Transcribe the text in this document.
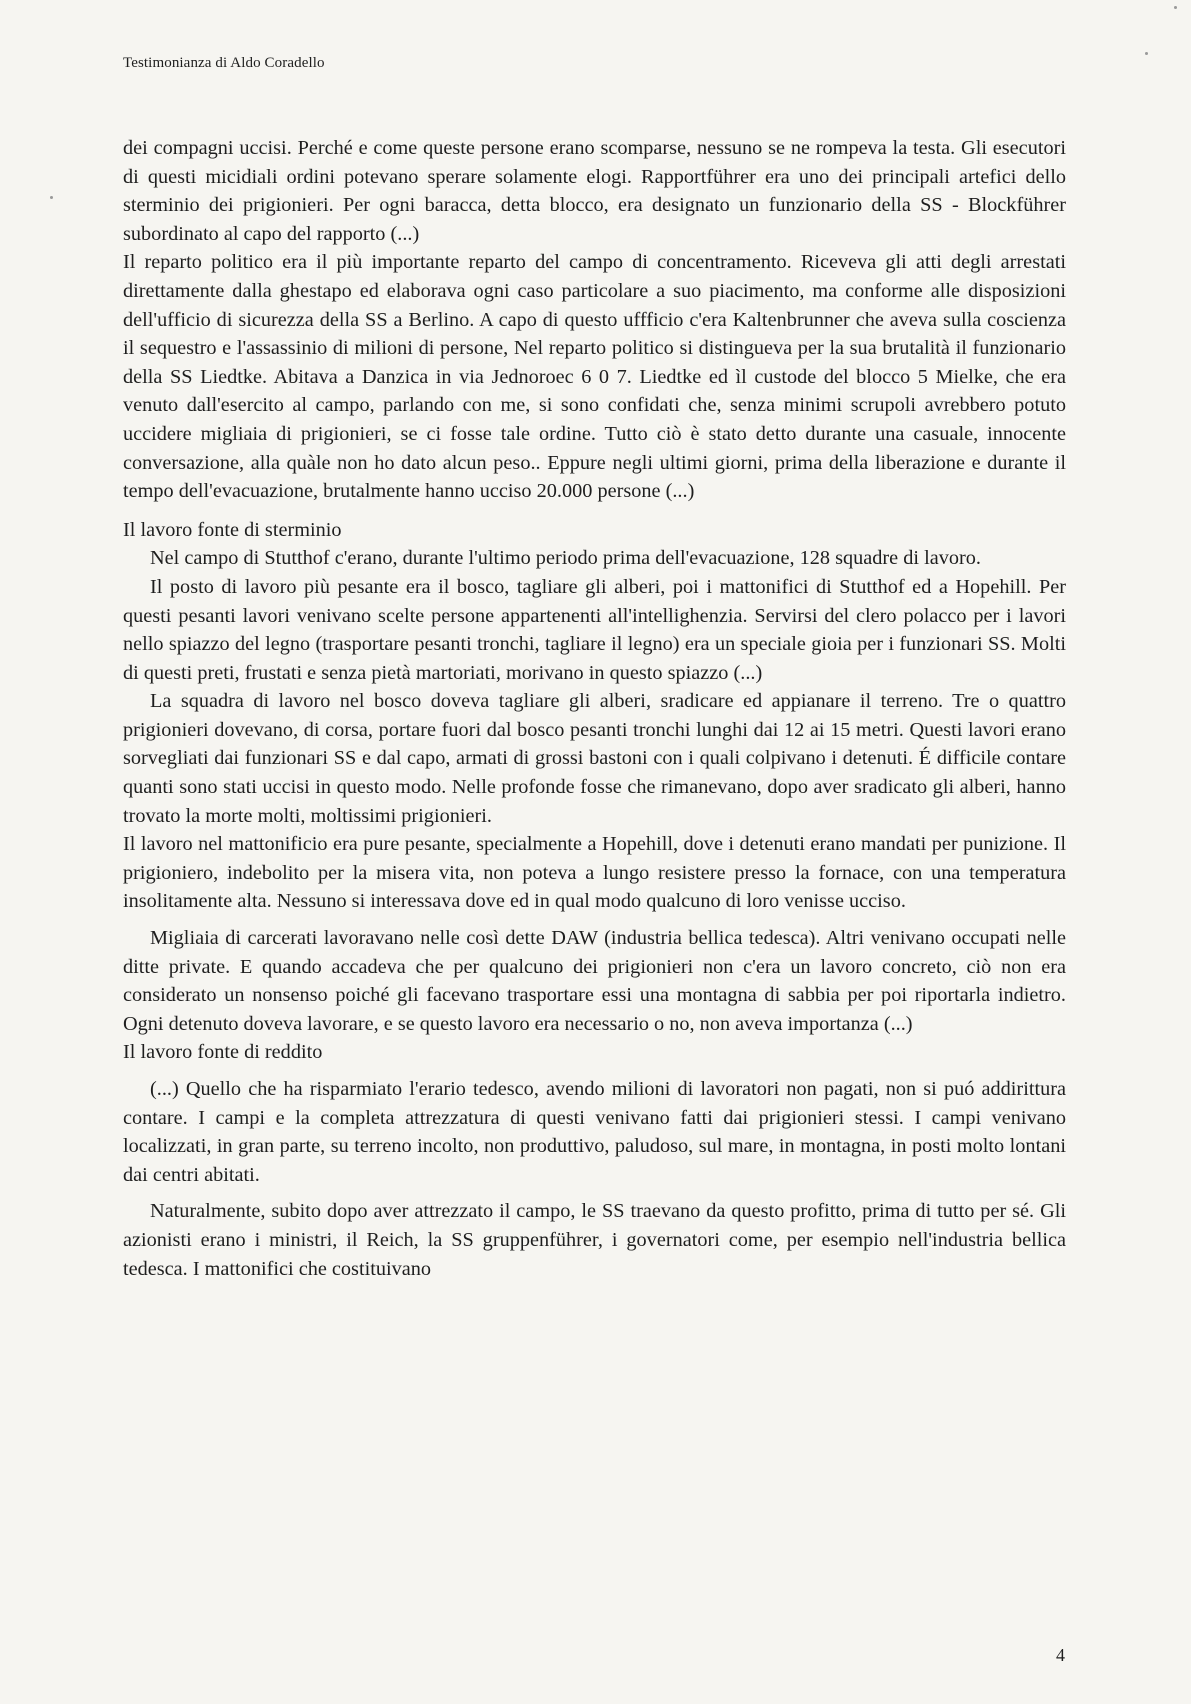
Testimonianza di Aldo Coradello

dei compagni uccisi. Perché e come queste persone erano scomparse, nessuno se ne rompeva la testa. Gli esecutori di questi micidiali ordini potevano sperare solamente elogi. Rapportführer era uno dei principali artefici dello sterminio dei prigionieri. Per ogni baracca, detta blocco, era designato un funzionario della SS - Blockführer subordinato al capo del rapporto (...)

Il reparto politico era il più importante reparto del campo di concentramento. Riceveva gli atti degli arrestati direttamente dalla ghestapo ed elaborava ogni caso particolare a suo piacimento, ma conforme alle disposizioni dell'ufficio di sicurezza della SS a Berlino. A capo di questo uffficio c'era Kaltenbrunner che aveva sulla coscienza il sequestro e l'assassinio di milioni di persone, Nel reparto politico si distingueva per la sua brutalità il funzionario della SS Liedtke. Abitava a Danzica in via Jednoroec 6 0 7. Liedtke ed ìl custode del blocco 5 Mielke, che era venuto dall'esercito al campo, parlando con me, si sono confidati che, senza minimi scrupoli avrebbero potuto uccidere migliaia di prigionieri, se ci fosse tale ordine. Tutto ciò è stato detto durante una casuale, innocente conversazione, alla quàle non ho dato alcun peso.. Eppure negli ultimi giorni, prima della liberazione e durante il tempo dell'evacuazione, brutalmente hanno ucciso 20.000 persone (...)

Il lavoro fonte di sterminio

Nel campo di Stutthof c'erano, durante l'ultimo periodo prima dell'evacuazione, 128 squadre di lavoro.

Il posto di lavoro più pesante era il bosco, tagliare gli alberi, poi i mattonifici di Stutthof ed a Hopehill. Per questi pesanti lavori venivano scelte persone appartenenti all'intellighenzia. Servirsi del clero polacco per i lavori nello spiazzo del legno (trasportare pesanti tronchi, tagliare il legno) era un speciale gioia per i funzionari SS. Molti di questi preti, frustati e senza pietà martoriati, morivano in questo spiazzo (...)

La squadra di lavoro nel bosco doveva tagliare gli alberi, sradicare ed appianare il terreno. Tre o quattro prigionieri dovevano, di corsa, portare fuori dal bosco pesanti tronchi lunghi dai 12 ai 15 metri. Questi lavori erano sorvegliati dai funzionari SS e dal capo, armati di grossi bastoni con i quali colpivano i detenuti. É difficile contare quanti sono stati uccisi in questo modo. Nelle profonde fosse che rimanevano, dopo aver sradicato gli alberi, hanno trovato la morte molti, moltissimi prigionieri.

Il lavoro nel mattonificio era pure pesante, specialmente a Hopehill, dove i detenuti erano mandati per punizione. Il prigioniero, indebolito per la misera vita, non poteva a lungo resistere presso la fornace, con una temperatura insolitamente alta. Nessuno si interessava dove ed in qual modo qualcuno di loro venisse ucciso.

Migliaia di carcerati lavoravano nelle così dette DAW (industria bellica tedesca). Altri venivano occupati nelle ditte private. E quando accadeva che per qualcuno dei prigionieri non c'era un lavoro concreto, ciò non era considerato un nonsenso poiché gli facevano trasportare essi una montagna di sabbia per poi riportarla indietro. Ogni detenuto doveva lavorare, e se questo lavoro era necessario o no, non aveva importanza (...)

Il lavoro fonte di reddito

(...) Quello che ha risparmiato l'erario tedesco, avendo milioni di lavoratori non pagati, non si puó addirittura contare. I campi e la completa attrezzatura di questi venivano fatti dai prigionieri stessi. I campi venivano localizzati, in gran parte, su terreno incolto, non produttivo, paludoso, sul mare, in montagna, in posti molto lontani dai centri abitati.

Naturalmente, subito dopo aver attrezzato il campo, le SS traevano da questo profitto, prima di tutto per sé. Gli azionisti erano i ministri, il Reich, la SS gruppenführer, i governatori come, per esempio nell'industria bellica tedesca. I mattonifici che costituivano

4
